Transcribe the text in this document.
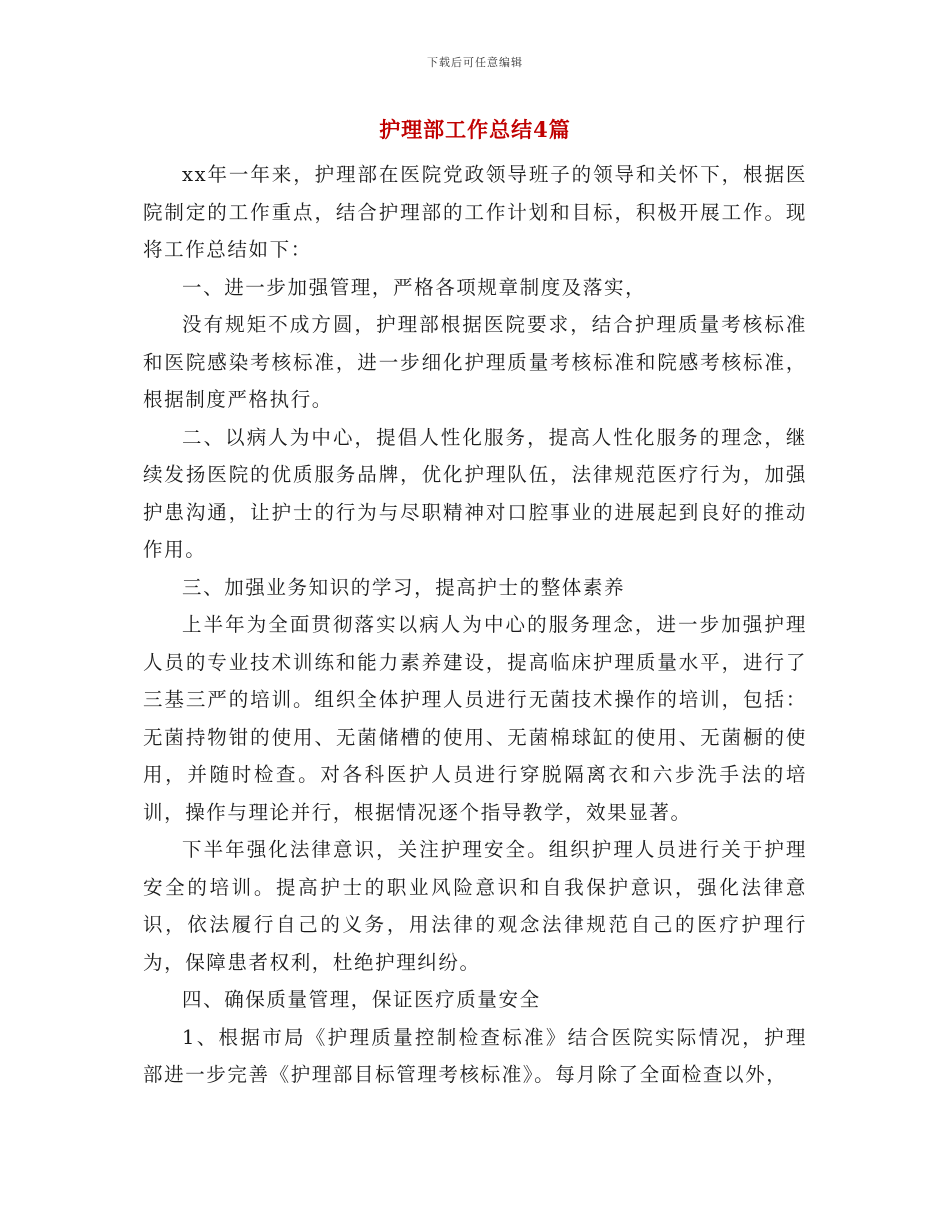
下载后可任意编辑
护理部工作总结4篇

xx年一年来，护理部在医院党政领导班子的领导和关怀下，根据医院制定的工作重点，结合护理部的工作计划和目标，积极开展工作。现将工作总结如下：

一、进一步加强管理，严格各项规章制度及落实，

没有规矩不成方圆，护理部根据医院要求，结合护理质量考核标准和医院感染考核标准，进一步细化护理质量考核标准和院感考核标准，根据制度严格执行。

二、以病人为中心，提倡人性化服务，提高人性化服务的理念，继续发扬医院的优质服务品牌，优化护理队伍，法律规范医疗行为，加强护患沟通，让护士的行为与尽职精神对口腔事业的进展起到良好的推动作用。

三、加强业务知识的学习，提高护士的整体素养

上半年为全面贯彻落实以病人为中心的服务理念，进一步加强护理人员的专业技术训练和能力素养建设，提高临床护理质量水平，进行了三基三严的培训。组织全体护理人员进行无菌技术操作的培训，包括：无菌持物钳的使用、无菌储槽的使用、无菌棉球缸的使用、无菌橱的使用，并随时检查。对各科医护人员进行穿脱隔离衣和六步洗手法的培训，操作与理论并行，根据情况逐个指导教学，效果显著。

下半年强化法律意识，关注护理安全。组织护理人员进行关于护理安全的培训。提高护士的职业风险意识和自我保护意识，强化法律意识，依法履行自己的义务，用法律的观念法律规范自己的医疗护理行为，保障患者权利，杜绝护理纠纷。

四、确保质量管理，保证医疗质量安全

1、根据市局《护理质量控制检查标准》结合医院实际情况，护理部进一步完善《护理部目标管理考核标准》。每月除了全面检查以外，
